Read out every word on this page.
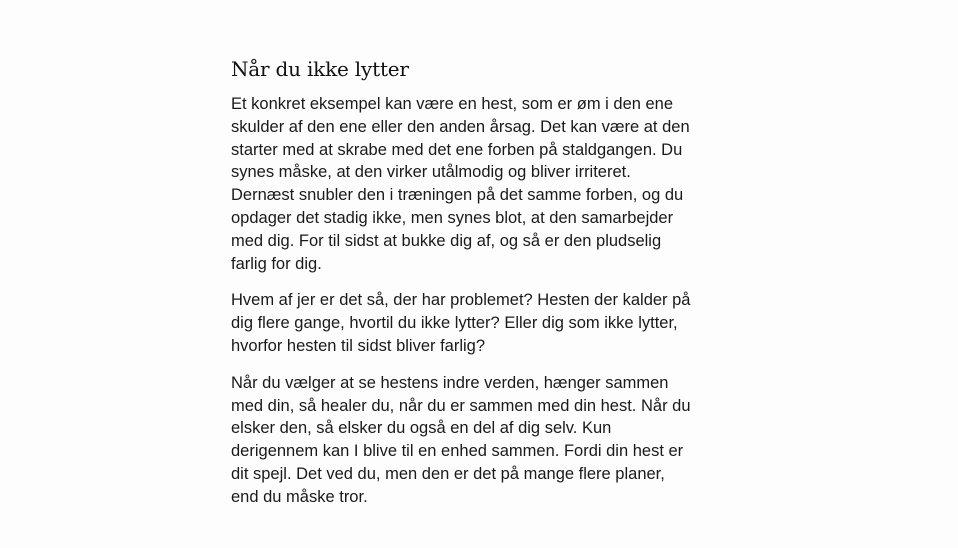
Når du ikke lytter

Et konkret eksempel kan være en hest, som er øm i den ene skulder af den ene eller den anden årsag. Det kan være at den starter med at skrabe med det ene forben på staldgangen. Du synes måske, at den virker utålmodig og bliver irriteret. Dernæst snubler den i træningen på det samme forben, og du opdager det stadig ikke, men synes blot, at den samarbejder med dig. For til sidst at bukke dig af, og så er den pludselig farlig for dig.

Hvem af jer er det så, der har problemet? Hesten der kalder på dig flere gange, hvortil du ikke lytter? Eller dig som ikke lytter, hvorfor hesten til sidst bliver farlig?

Når du vælger at se hestens indre verden, hænger sammen med din, så healer du, når du er sammen med din hest. Når du elsker den, så elsker du også en del af dig selv. Kun derigennem kan I blive til en enhed sammen. Fordi din hest er dit spejl. Det ved du, men den er det på mange flere planer, end du måske tror.
